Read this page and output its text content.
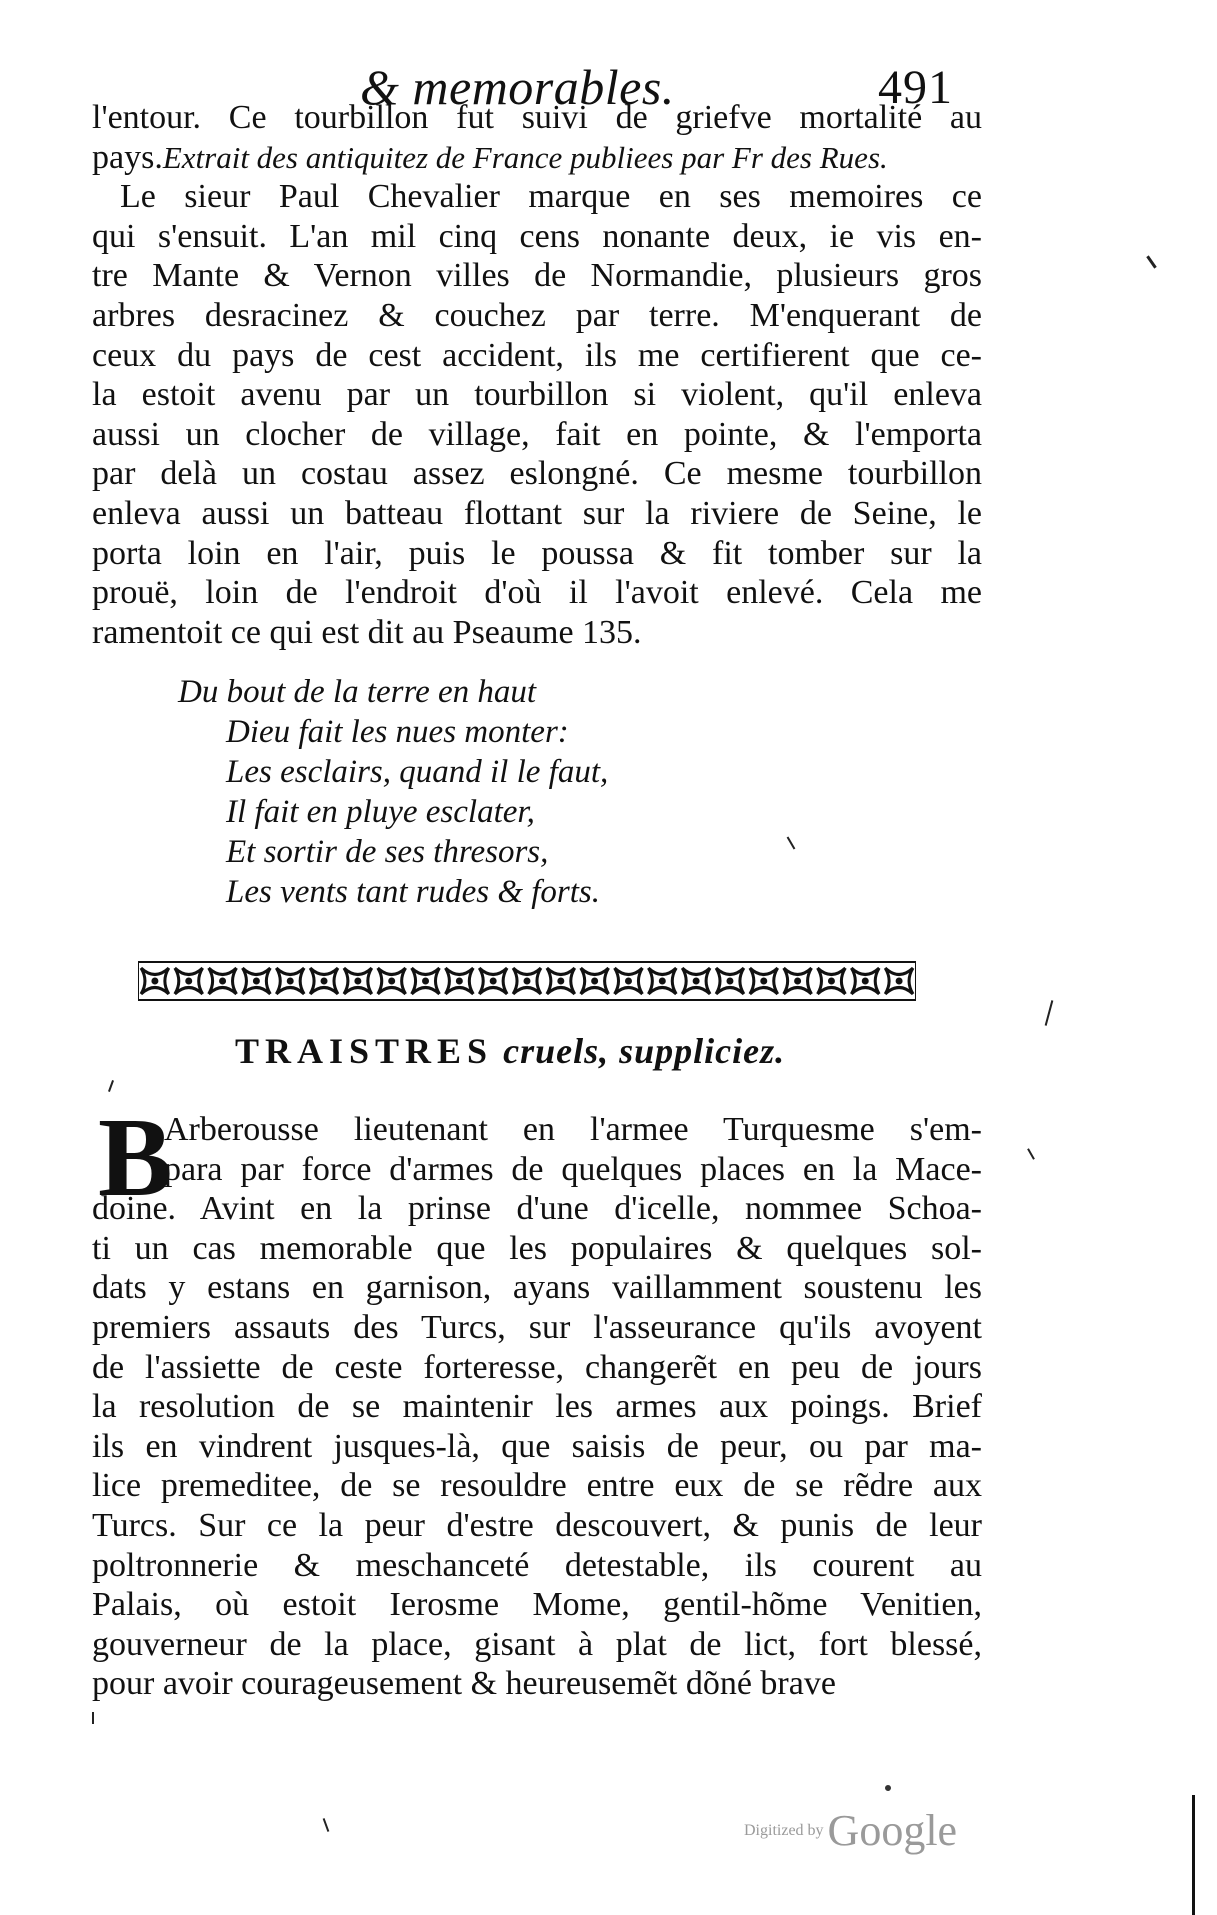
& memorables.	491
l'entour. Ce tourbillon fut suivi de griefve mortalité au
pays.Extrait des antiquitez de France publiees par Fr des Rues.
Le sieur Paul Chevalier marque en ses memoires ce
qui s'ensuit. L'an mil cinq cens nonante deux, ie vis en-
tre Mante & Vernon villes de Normandie, plusieurs gros
arbres desracinez & couchez par terre. M'enquerant de
ceux du pays de cest accident, ils me certifierent que ce-
la estoit avenu par un tourbillon si violent, qu'il enleva
aussi un clocher de village, fait en pointe, & l'emporta
par delà un costau assez eslongné. Ce mesme tourbillon
enleva aussi un batteau flottant sur la riviere de Seine, le
porta loin en l'air, puis le poussa & fit tomber sur la
prouë, loin de l'endroit d'où il l'avoit enlevé. Cela me
ramentoit ce qui est dit au Pseaume 135.
Du bout de la terre en haut
Dieu fait les nues monter:
Les esclairs, quand il le faut,
Il fait en pluye esclater,
Et sortir de ses thresors,
Les vents tant rudes & forts.
TRAISTRES cruels, suppliciez.
B
Arberousse lieutenant en l'armee Turquesme s'em-
para par force d'armes de quelques places en la Mace-
doine. Avint en la prinse d'une d'icelle, nommee Schoa-
ti un cas memorable que les populaires & quelques sol-
dats y estans en garnison, ayans vaillamment soustenu les
premiers assauts des Turcs, sur l'asseurance qu'ils avoyent
de l'assiette de ceste forteresse, changerẽt en peu de jours
la resolution de se maintenir les armes aux poings. Brief
ils en vindrent jusques-là, que saisis de peur, ou par ma-
lice premeditee, de se resouldre entre eux de se rẽdre aux
Turcs. Sur ce la peur d'estre descouvert, & punis de leur
poltronnerie & meschanceté detestable, ils courent au
Palais, où estoit Ierosme Mome, gentil-hõme Venitien,
gouverneur de la place, gisant à plat de lict, fort blessé,
pour avoir courageusement & heureusemẽt dõné brave
Digitized byGoogle
